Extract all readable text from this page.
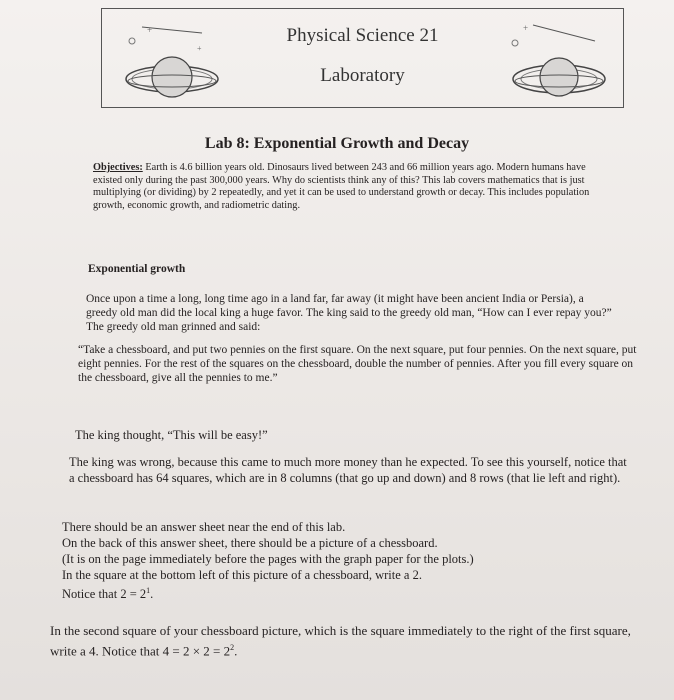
+
+
+
Physical Science 21
Laboratory
Lab 8: Exponential Growth and Decay

Objectives: Earth is 4.6 billion years old. Dinosaurs lived between 243 and 66 million years ago. Modern humans have existed only during the past 300,000 years. Why do scientists think any of this? This lab covers mathematics that is just multiplying (or dividing) by 2 repeatedly, and yet it can be used to understand growth or decay. This includes population growth, economic growth, and radiometric dating.

Exponential growth

Once upon a time a long, long time ago in a land far, far away (it might have been ancient India or Persia), a greedy old man did the local king a huge favor. The king said to the greedy old man, “How can I ever repay you?” The greedy old man grinned and said:

“Take a chessboard, and put two pennies on the first square. On the next square, put four pennies. On the next square, put eight pennies. For the rest of the squares on the chessboard, double the number of pennies. After you fill every square on the chessboard, give all the pennies to me.”

The king thought, “This will be easy!”

The king was wrong, because this came to much more money than he expected. To see this yourself, notice that a chessboard has 64 squares, which are in 8 columns (that go up and down) and 8 rows (that lie left and right).

There should be an answer sheet near the end of this lab.
On the back of this answer sheet, there should be a picture of a chessboard.
(It is on the page immediately before the pages with the graph paper for the plots.)
In the square at the bottom left of this picture of a chessboard, write a 2.
Notice that $2 = 2^1$.

In the second square of your chessboard picture, which is the square immediately to the right of the first square, write a 4. Notice that $4 = 2 \times 2 = 2^2$.
